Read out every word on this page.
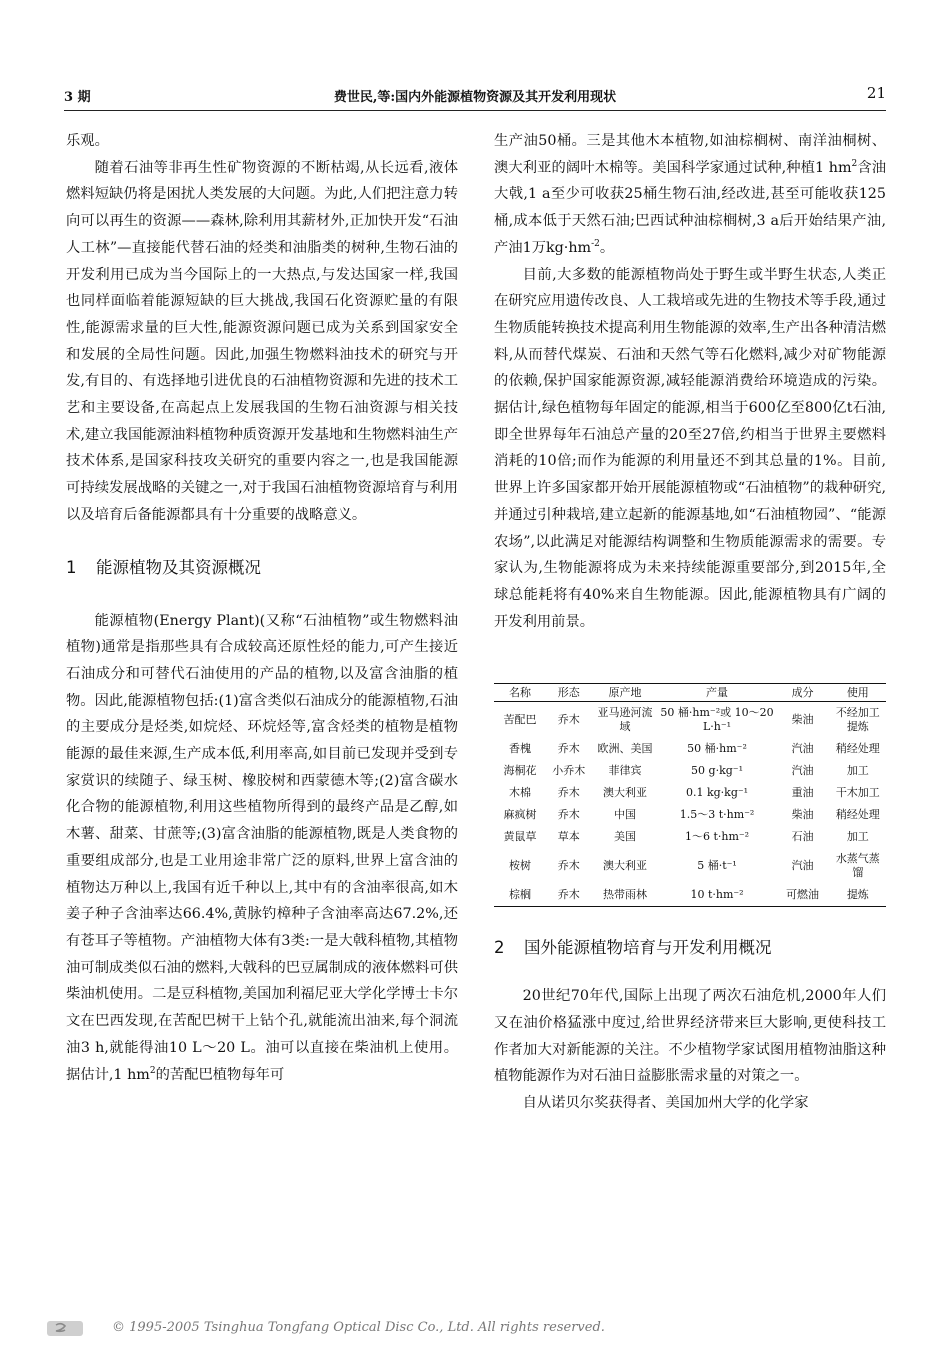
3 期	费世民,等:国内外能源植物资源及其开发利用现状	21

乐观。

随着石油等非再生性矿物资源的不断枯竭,从长远看,液体燃料短缺仍将是困扰人类发展的大问题。为此,人们把注意力转向可以再生的资源——森林,除利用其薪材外,正加快开发“石油人工林”—直接能代替石油的烃类和油脂类的树种,生物石油的开发利用已成为当今国际上的一大热点,与发达国家一样,我国也同样面临着能源短缺的巨大挑战,我国石化资源贮量的有限性,能源需求量的巨大性,能源资源问题已成为关系到国家安全和发展的全局性问题。因此,加强生物燃料油技术的研究与开发,有目的、有选择地引进优良的石油植物资源和先进的技术工艺和主要设备,在高起点上发展我国的生物石油资源与相关技术,建立我国能源油料植物种质资源开发基地和生物燃料油生产技术体系,是国家科技攻关研究的重要内容之一,也是我国能源可持续发展战略的关键之一,对于我国石油植物资源培育与利用以及培育后备能源都具有十分重要的战略意义。

1 能源植物及其资源概况

能源植物(Energy Plant)(又称“石油植物”或生物燃料油植物)通常是指那些具有合成较高还原性烃的能力,可产生接近石油成分和可替代石油使用的产品的植物,以及富含油脂的植物。因此,能源植物包括:(1)富含类似石油成分的能源植物,石油的主要成分是烃类,如烷烃、环烷烃等,富含烃类的植物是植物能源的最佳来源,生产成本低,利用率高,如目前已发现并受到专家赏识的续随子、绿玉树、橡胶树和西蒙德木等;(2)富含碳水化合物的能源植物,利用这些植物所得到的最终产品是乙醇,如木薯、甜菜、甘蔗等;(3)富含油脂的能源植物,既是人类食物的重要组成部分,也是工业用途非常广泛的原料,世界上富含油的植物达万种以上,我国有近千种以上,其中有的含油率很高,如木姜子种子含油率达66.4%,黄脉钓樟种子含油率高达67.2%,还有苍耳子等植物。产油植物大体有3类:一是大戟科植物,其植物油可制成类似石油的燃料,大戟科的巴豆属制成的液体燃料可供柴油机使用。二是豆科植物,美国加利福尼亚大学化学博士卡尔文在巴西发现,在苦配巴树干上钻个孔,就能流出油来,每个洞流油3 h,就能得油10 L～20 L。油可以直接在柴油机上使用。据估计,1 $hm^2$的苦配巴植物每年可

生产油50桶。三是其他木本植物,如油棕榈树、南洋油桐树、澳大利亚的阔叶木棉等。美国科学家通过试种,种植1 $hm^2$含油大戟,1 a至少可收获25桶生物石油,经改进,甚至可能收获125桶,成本低于天然石油;巴西试种油棕榈树,3 a后开始结果产油,产油1万$kg\cdot hm^{-2}$。

目前,大多数的能源植物尚处于野生或半野生状态,人类正在研究应用遗传改良、人工栽培或先进的生物技术等手段,通过生物质能转换技术提高利用生物能源的效率,生产出各种清洁燃料,从而替代煤炭、石油和天然气等石化燃料,减少对矿物能源的依赖,保护国家能源资源,减轻能源消费给环境造成的污染。据估计,绿色植物每年固定的能源,相当于600亿至800亿t石油,即全世界每年石油总产量的20至27倍,约相当于世界主要燃料消耗的10倍;而作为能源的利用量还不到其总量的1%。目前,世界上许多国家都开始开展能源植物或“石油植物”的栽种研究,并通过引种栽培,建立起新的能源基地,如“石油植物园”、“能源农场”,以此满足对能源结构调整和生物质能源需求的需要。专家认为,生物能源将成为未来持续能源重要部分,到2015年,全球总能耗将有40%来自生物能源。因此,能源植物具有广阔的开发利用前景。

名称	形态	原产地	产量	成分	使用
苦配巴	乔木	亚马逊河流域	50 桶·hm⁻²或 10～20 L·h⁻¹	柴油	不经加工提炼
香槐	乔木	欧洲、美国	50 桶·hm⁻²	汽油	稍经处理
海桐花	小乔木	菲律宾	50 g·kg⁻¹	汽油	加工
木棉	乔木	澳大利亚	0.1 kg·kg⁻¹	重油	干木加工
麻疯树	乔木	中国	1.5～3 t·hm⁻²	柴油	稍经处理
黄鼠草	草本	美国	1～6 t·hm⁻²	石油	加工
桉树	乔木	澳大利亚	5 桶·t⁻¹	汽油	水蒸气蒸馏
棕榈	乔木	热带雨林	10 t·hm⁻²	可燃油	提炼
2 国外能源植物培育与开发利用概况

20世纪70年代,国际上出现了两次石油危机,2000年人们又在油价格猛涨中度过,给世界经济带来巨大影响,更使科技工作者加大对新能源的关注。不少植物学家试图用植物油脂这种植物能源作为对石油日益膨胀需求量的对策之一。

自从诺贝尔奖获得者、美国加州大学的化学家

© 1995-2005 Tsinghua Tongfang Optical Disc Co., Ltd. All rights reserved.
